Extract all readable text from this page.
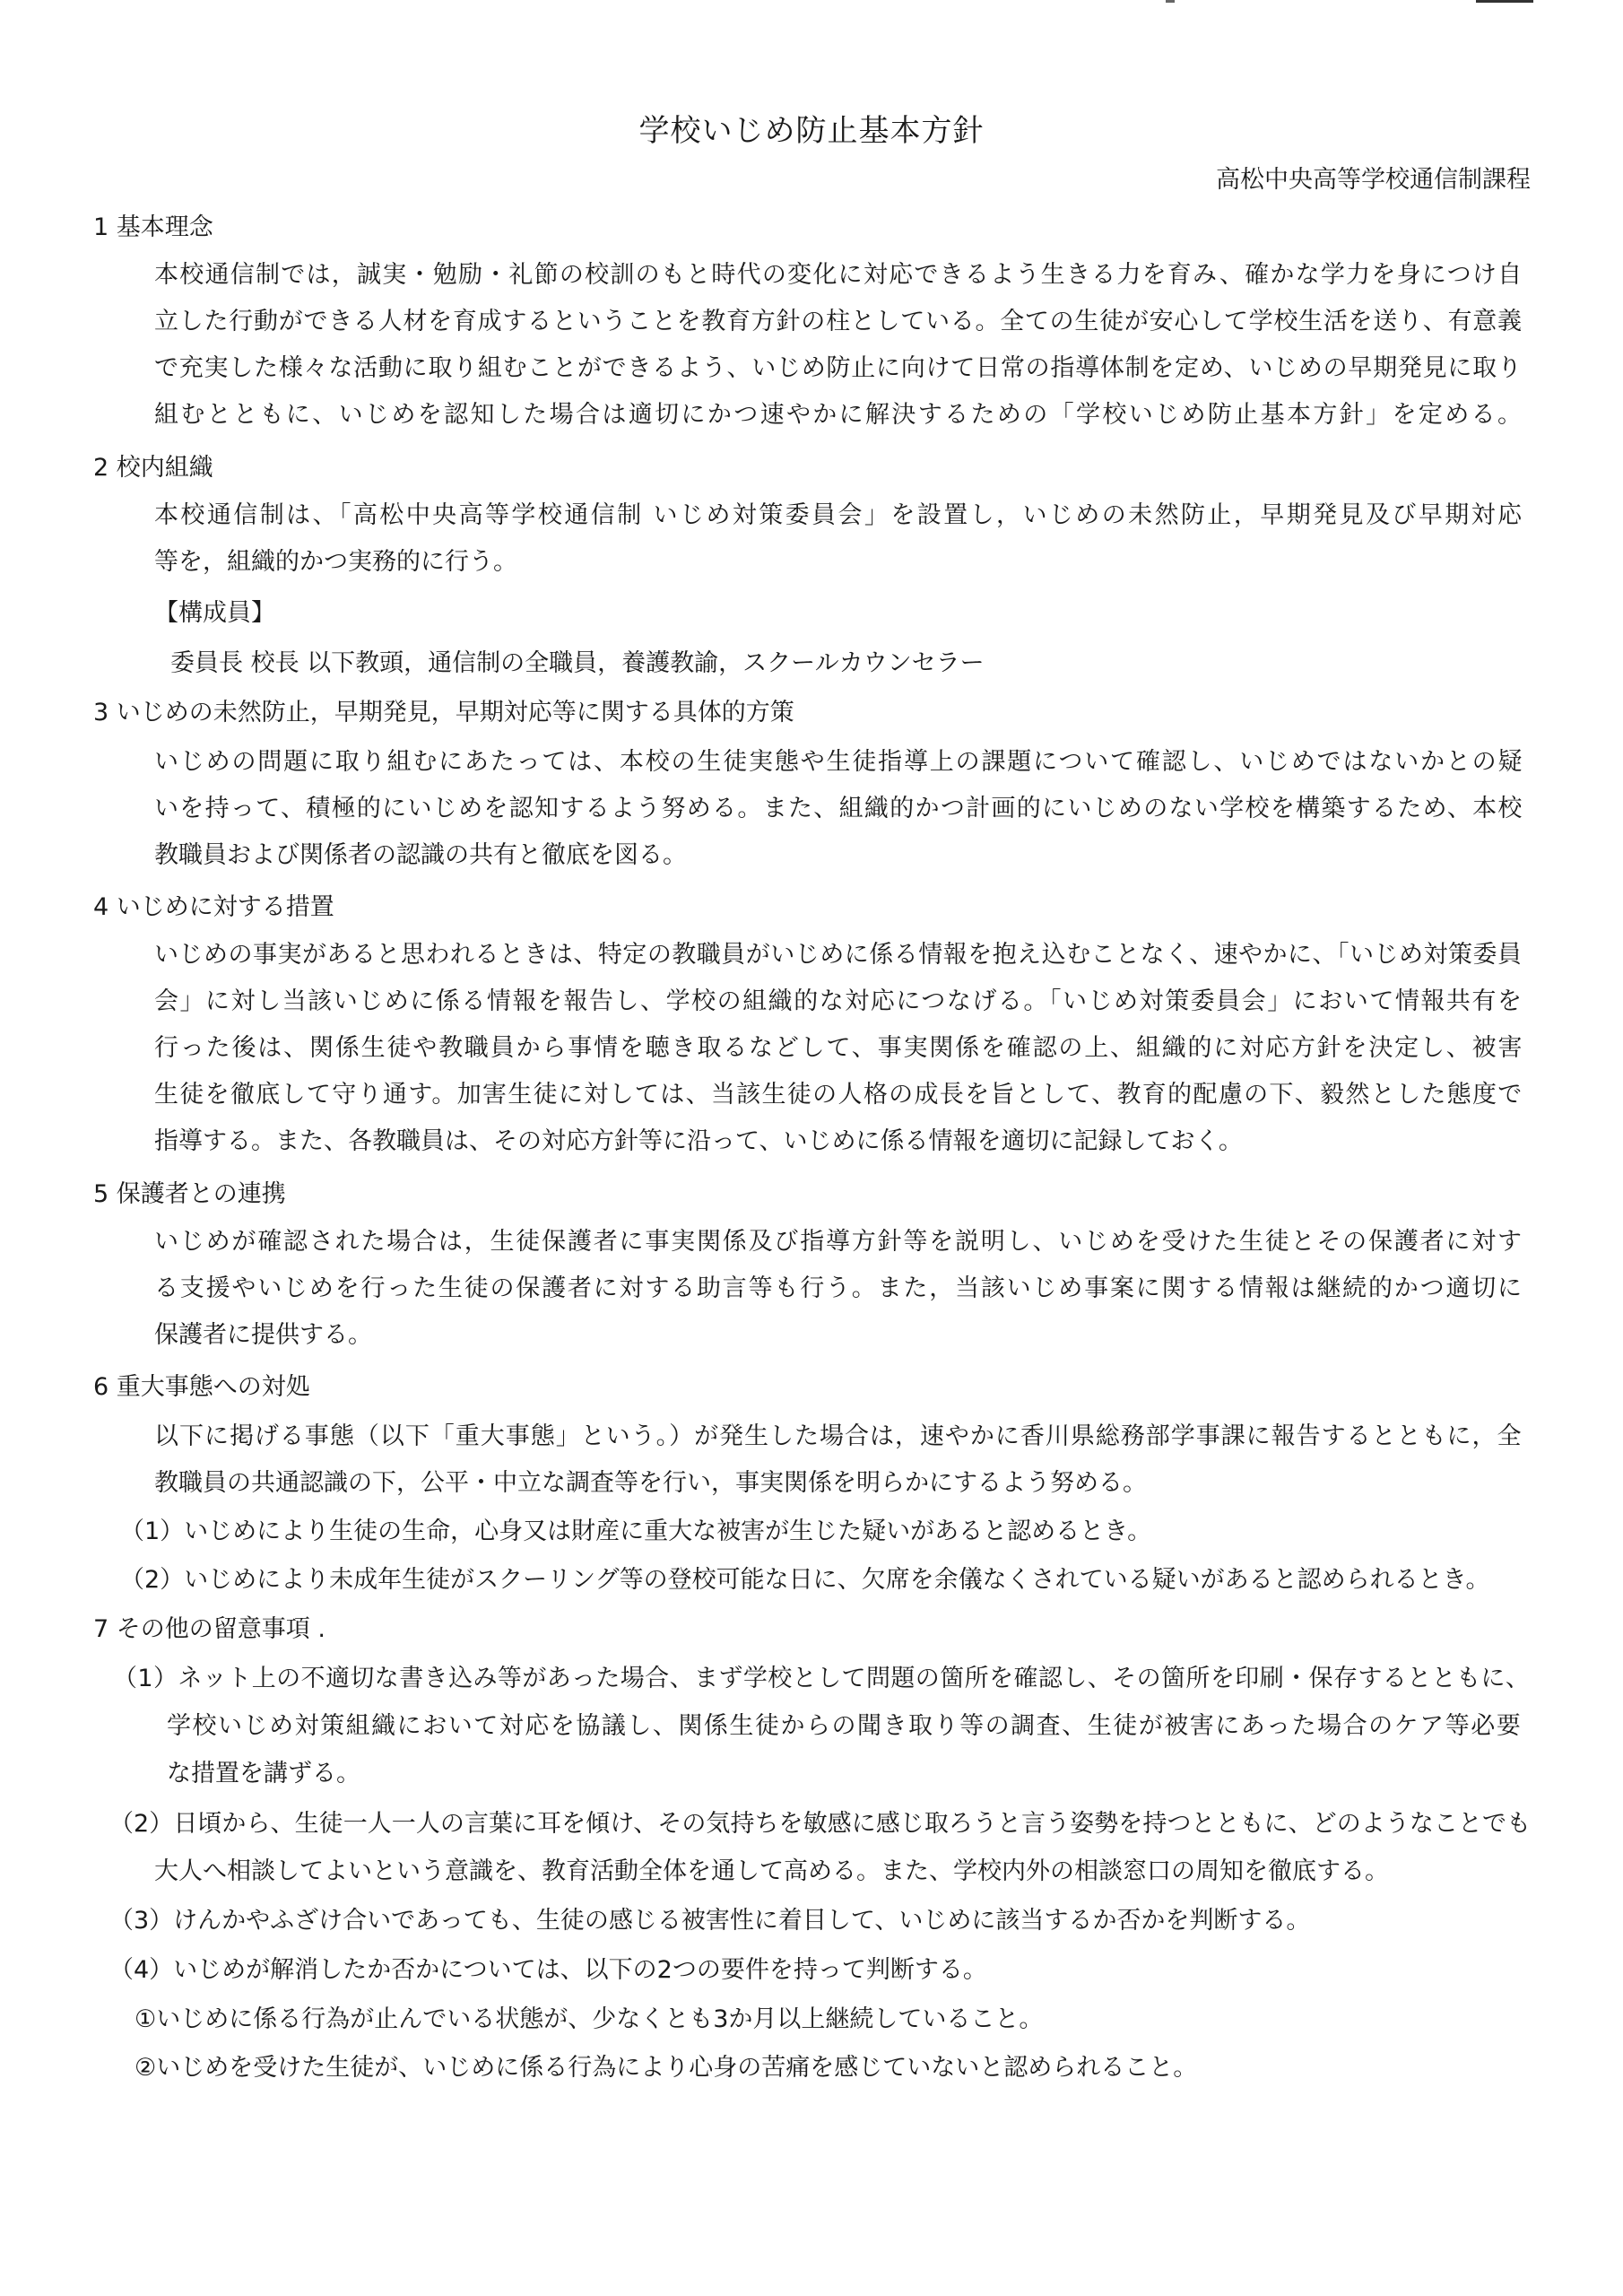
学校いじめ防止基本方針
高松中央高等学校通信制課程
1 基本理念
本校通信制では，誠実・勉励・礼節の校訓のもと時代の変化に対応できるよう生きる力を育み、確かな学力を身につけ自
立した行動ができる人材を育成するということを教育方針の柱としている。全ての生徒が安心して学校生活を送り、有意義
で充実した様々な活動に取り組むことができるよう、いじめ防止に向けて日常の指導体制を定め、いじめの早期発見に取り
組むとともに、いじめを認知した場合は適切にかつ速やかに解決するための「学校いじめ防止基本方針」を定める。
2 校内組織
本校通信制は、「高松中央高等学校通信制 いじめ対策委員会」を設置し，いじめの未然防止，早期発見及び早期対応
等を，組織的かつ実務的に行う。
【構成員】
委員長 校長 以下教頭，通信制の全職員，養護教諭，スクールカウンセラー
3 いじめの未然防止，早期発見，早期対応等に関する具体的方策
いじめの問題に取り組むにあたっては、本校の生徒実態や生徒指導上の課題について確認し、いじめではないかとの疑
いを持って、積極的にいじめを認知するよう努める。また、組織的かつ計画的にいじめのない学校を構築するため、本校
教職員および関係者の認識の共有と徹底を図る。
4 いじめに対する措置
いじめの事実があると思われるときは、特定の教職員がいじめに係る情報を抱え込むことなく、速やかに、「いじめ対策委員
会」に対し当該いじめに係る情報を報告し、学校の組織的な対応につなげる。「いじめ対策委員会」において情報共有を
行った後は、関係生徒や教職員から事情を聴き取るなどして、事実関係を確認の上、組織的に対応方針を決定し、被害
生徒を徹底して守り通す。加害生徒に対しては、当該生徒の人格の成長を旨として、教育的配慮の下、毅然とした態度で
指導する。また、各教職員は、その対応方針等に沿って、いじめに係る情報を適切に記録しておく。
5 保護者との連携
いじめが確認された場合は，生徒保護者に事実関係及び指導方針等を説明し、いじめを受けた生徒とその保護者に対す
る支援やいじめを行った生徒の保護者に対する助言等も行う。また，当該いじめ事案に関する情報は継続的かつ適切に
保護者に提供する。
6 重大事態への対処
以下に掲げる事態（以下「重大事態」という。）が発生した場合は，速やかに香川県総務部学事課に報告するとともに，全
教職員の共通認識の下，公平・中立な調査等を行い，事実関係を明らかにするよう努める。
（1）いじめにより生徒の生命，心身又は財産に重大な被害が生じた疑いがあると認めるとき。
（2）いじめにより未成年生徒がスクーリング等の登校可能な日に、欠席を余儀なくされている疑いがあると認められるとき。
7 その他の留意事項 .
（1）ネット上の不適切な書き込み等があった場合、まず学校として問題の箇所を確認し、その箇所を印刷・保存するとともに、
学校いじめ対策組織において対応を協議し、関係生徒からの聞き取り等の調査、生徒が被害にあった場合のケア等必要
な措置を講ずる。
（2）日頃から、生徒一人一人の言葉に耳を傾け、その気持ちを敏感に感じ取ろうと言う姿勢を持つとともに、どのようなことでも
大人へ相談してよいという意識を、教育活動全体を通して高める。また、学校内外の相談窓口の周知を徹底する。
（3）けんかやふざけ合いであっても、生徒の感じる被害性に着目して、いじめに該当するか否かを判断する。
（4）いじめが解消したか否かについては、以下の2つの要件を持って判断する。
①いじめに係る行為が止んでいる状態が、少なくとも3か月以上継続していること。
②いじめを受けた生徒が、いじめに係る行為により心身の苦痛を感じていないと認められること。
